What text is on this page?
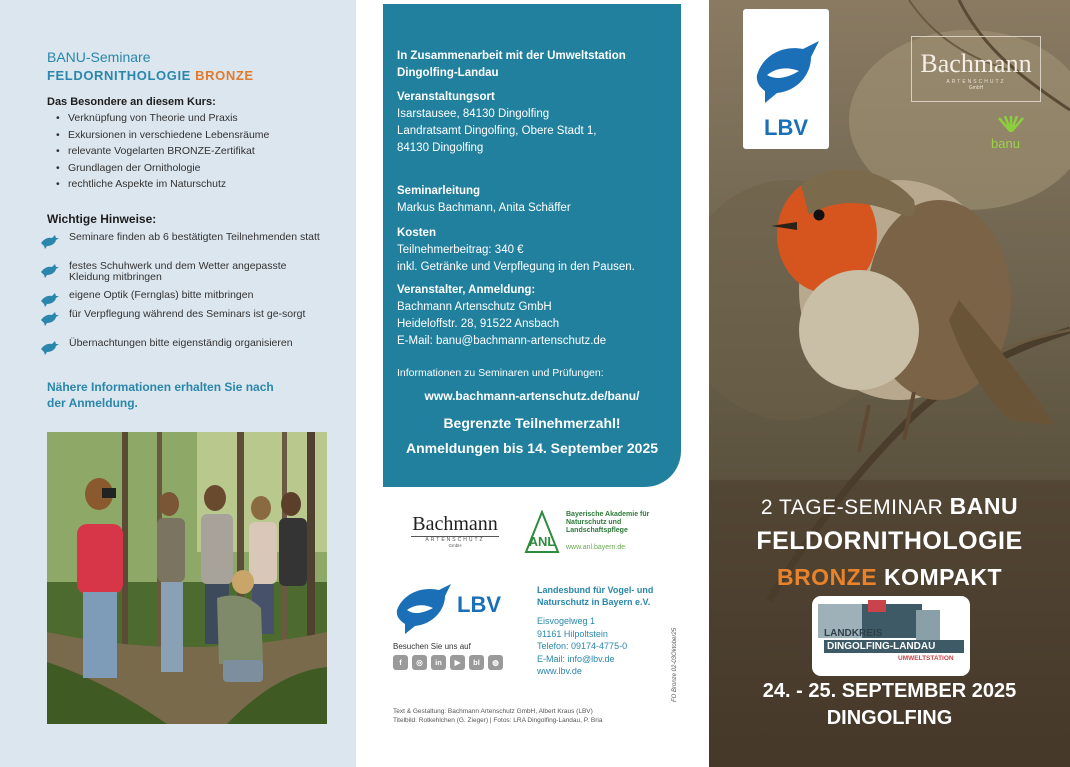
BANU-Seminare
FELDORNITHOLOGIE BRONZE
Das Besondere an diesem Kurs:
• Verknüpfung von Theorie und Praxis
• Exkursionen in verschiedene Lebensräume
• relevante Vogelarten BRONZE-Zertifikat
• Grundlagen der Ornithologie
• rechtliche Aspekte im Naturschutz
Wichtige Hinweise:
Seminare finden ab 6 bestätigten Teilnehmenden statt
festes Schuhwerk und dem Wetter angepasste Kleidung mitbringen
eigene Optik (Fernglas) bitte mitbringen
für Verpflegung während des Seminars ist ge-sorgt
Übernachtungen bitte eigenständig organisieren
Nähere Informationen erhalten Sie nach der Anmeldung.
In Zusammenarbeit mit der Umweltstation Dingolfing-Landau
Veranstaltungsort
Isarstausee, 84130 Dingolfing
Landratsamt Dingolfing, Obere Stadt 1,
84130 Dingolfing
Seminarleitung
Markus Bachmann, Anita Schäffer
Kosten
Teilnehmerbeitrag: 340 €
inkl. Getränke und Verpflegung in den Pausen.
Veranstalter, Anmeldung:
Bachmann Artenschutz GmbH
Heideloffstr. 28, 91522 Ansbach
E-Mail: banu@bachmann-artenschutz.de
Informationen zu Seminaren und Prüfungen:
www.bachmann-artenschutz.de/banu/
Begrenzte Teilnehmerzahl!
Anmeldungen bis 14. September 2025
Bachmann
ARTENSCHUTZ
GmbH	ANL
Bayerische Akademie für Naturschutz und Landschaftspflege
www.anl.bayern.de
LBV
Landesbund für Vogel- und Naturschutz in Bayern e.V.
Eisvogelweg 1
91161 Hilpoltstein
Telefon: 09174-4775-0
E-Mail: info@lbv.de
www.lbv.de
Besuchen Sie uns auf
f	◎	in	▶	bl	◍
Text & Gestaltung: Bachmann Artenschutz GmbH, Albert Kraus (LBV)
Titelbild: Rotkehlchen (G. Zieger) | Fotos: LRA Dingolfing-Landau, P. Bria
FO Bronze 02-03Oktober25
LBV
Bachmann
ARTENSCHUTZ
GmbH
banu
2 TAGE-SEMINAR BANU
FELDORNITHOLOGIE
BRONZE KOMPAKT
LANDKREIS
DINGOLFING-LANDAU
UMWELTSTATION
24. - 25. SEPTEMBER 2025
DINGOLFING
